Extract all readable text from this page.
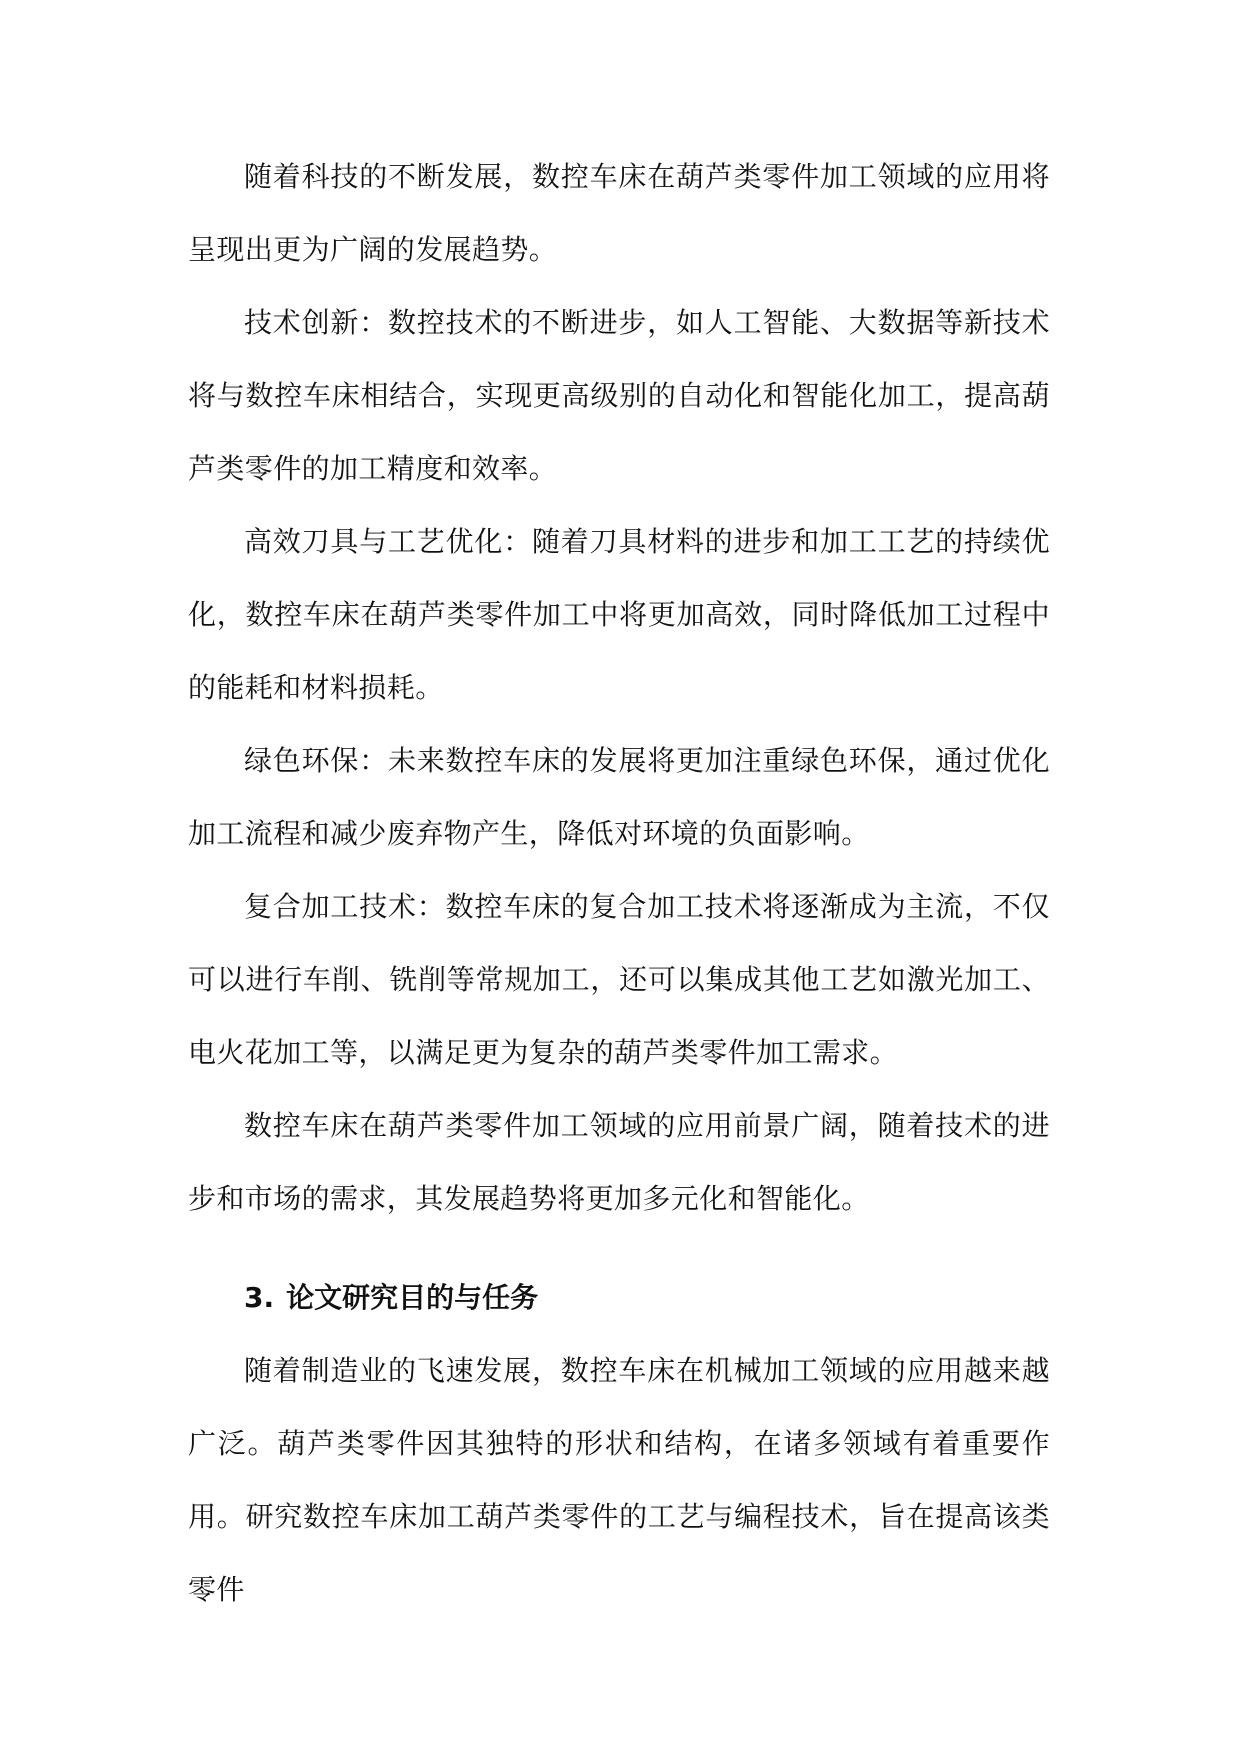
随着科技的不断发展，数控车床在葫芦类零件加工领域的应用将呈现出更为广阔的发展趋势。

技术创新：数控技术的不断进步，如人工智能、大数据等新技术将与数控车床相结合，实现更高级别的自动化和智能化加工，提高葫芦类零件的加工精度和效率。

高效刀具与工艺优化：随着刀具材料的进步和加工工艺的持续优化，数控车床在葫芦类零件加工中将更加高效，同时降低加工过程中的能耗和材料损耗。

绿色环保：未来数控车床的发展将更加注重绿色环保，通过优化加工流程和减少废弃物产生，降低对环境的负面影响。

复合加工技术：数控车床的复合加工技术将逐渐成为主流，不仅可以进行车削、铣削等常规加工，还可以集成其他工艺如激光加工、电火花加工等，以满足更为复杂的葫芦类零件加工需求。

数控车床在葫芦类零件加工领域的应用前景广阔，随着技术的进步和市场的需求，其发展趋势将更加多元化和智能化。

3. 论文研究目的与任务

随着制造业的飞速发展，数控车床在机械加工领域的应用越来越广泛。葫芦类零件因其独特的形状和结构，在诸多领域有着重要作用。研究数控车床加工葫芦类零件的工艺与编程技术，旨在提高该类零件
